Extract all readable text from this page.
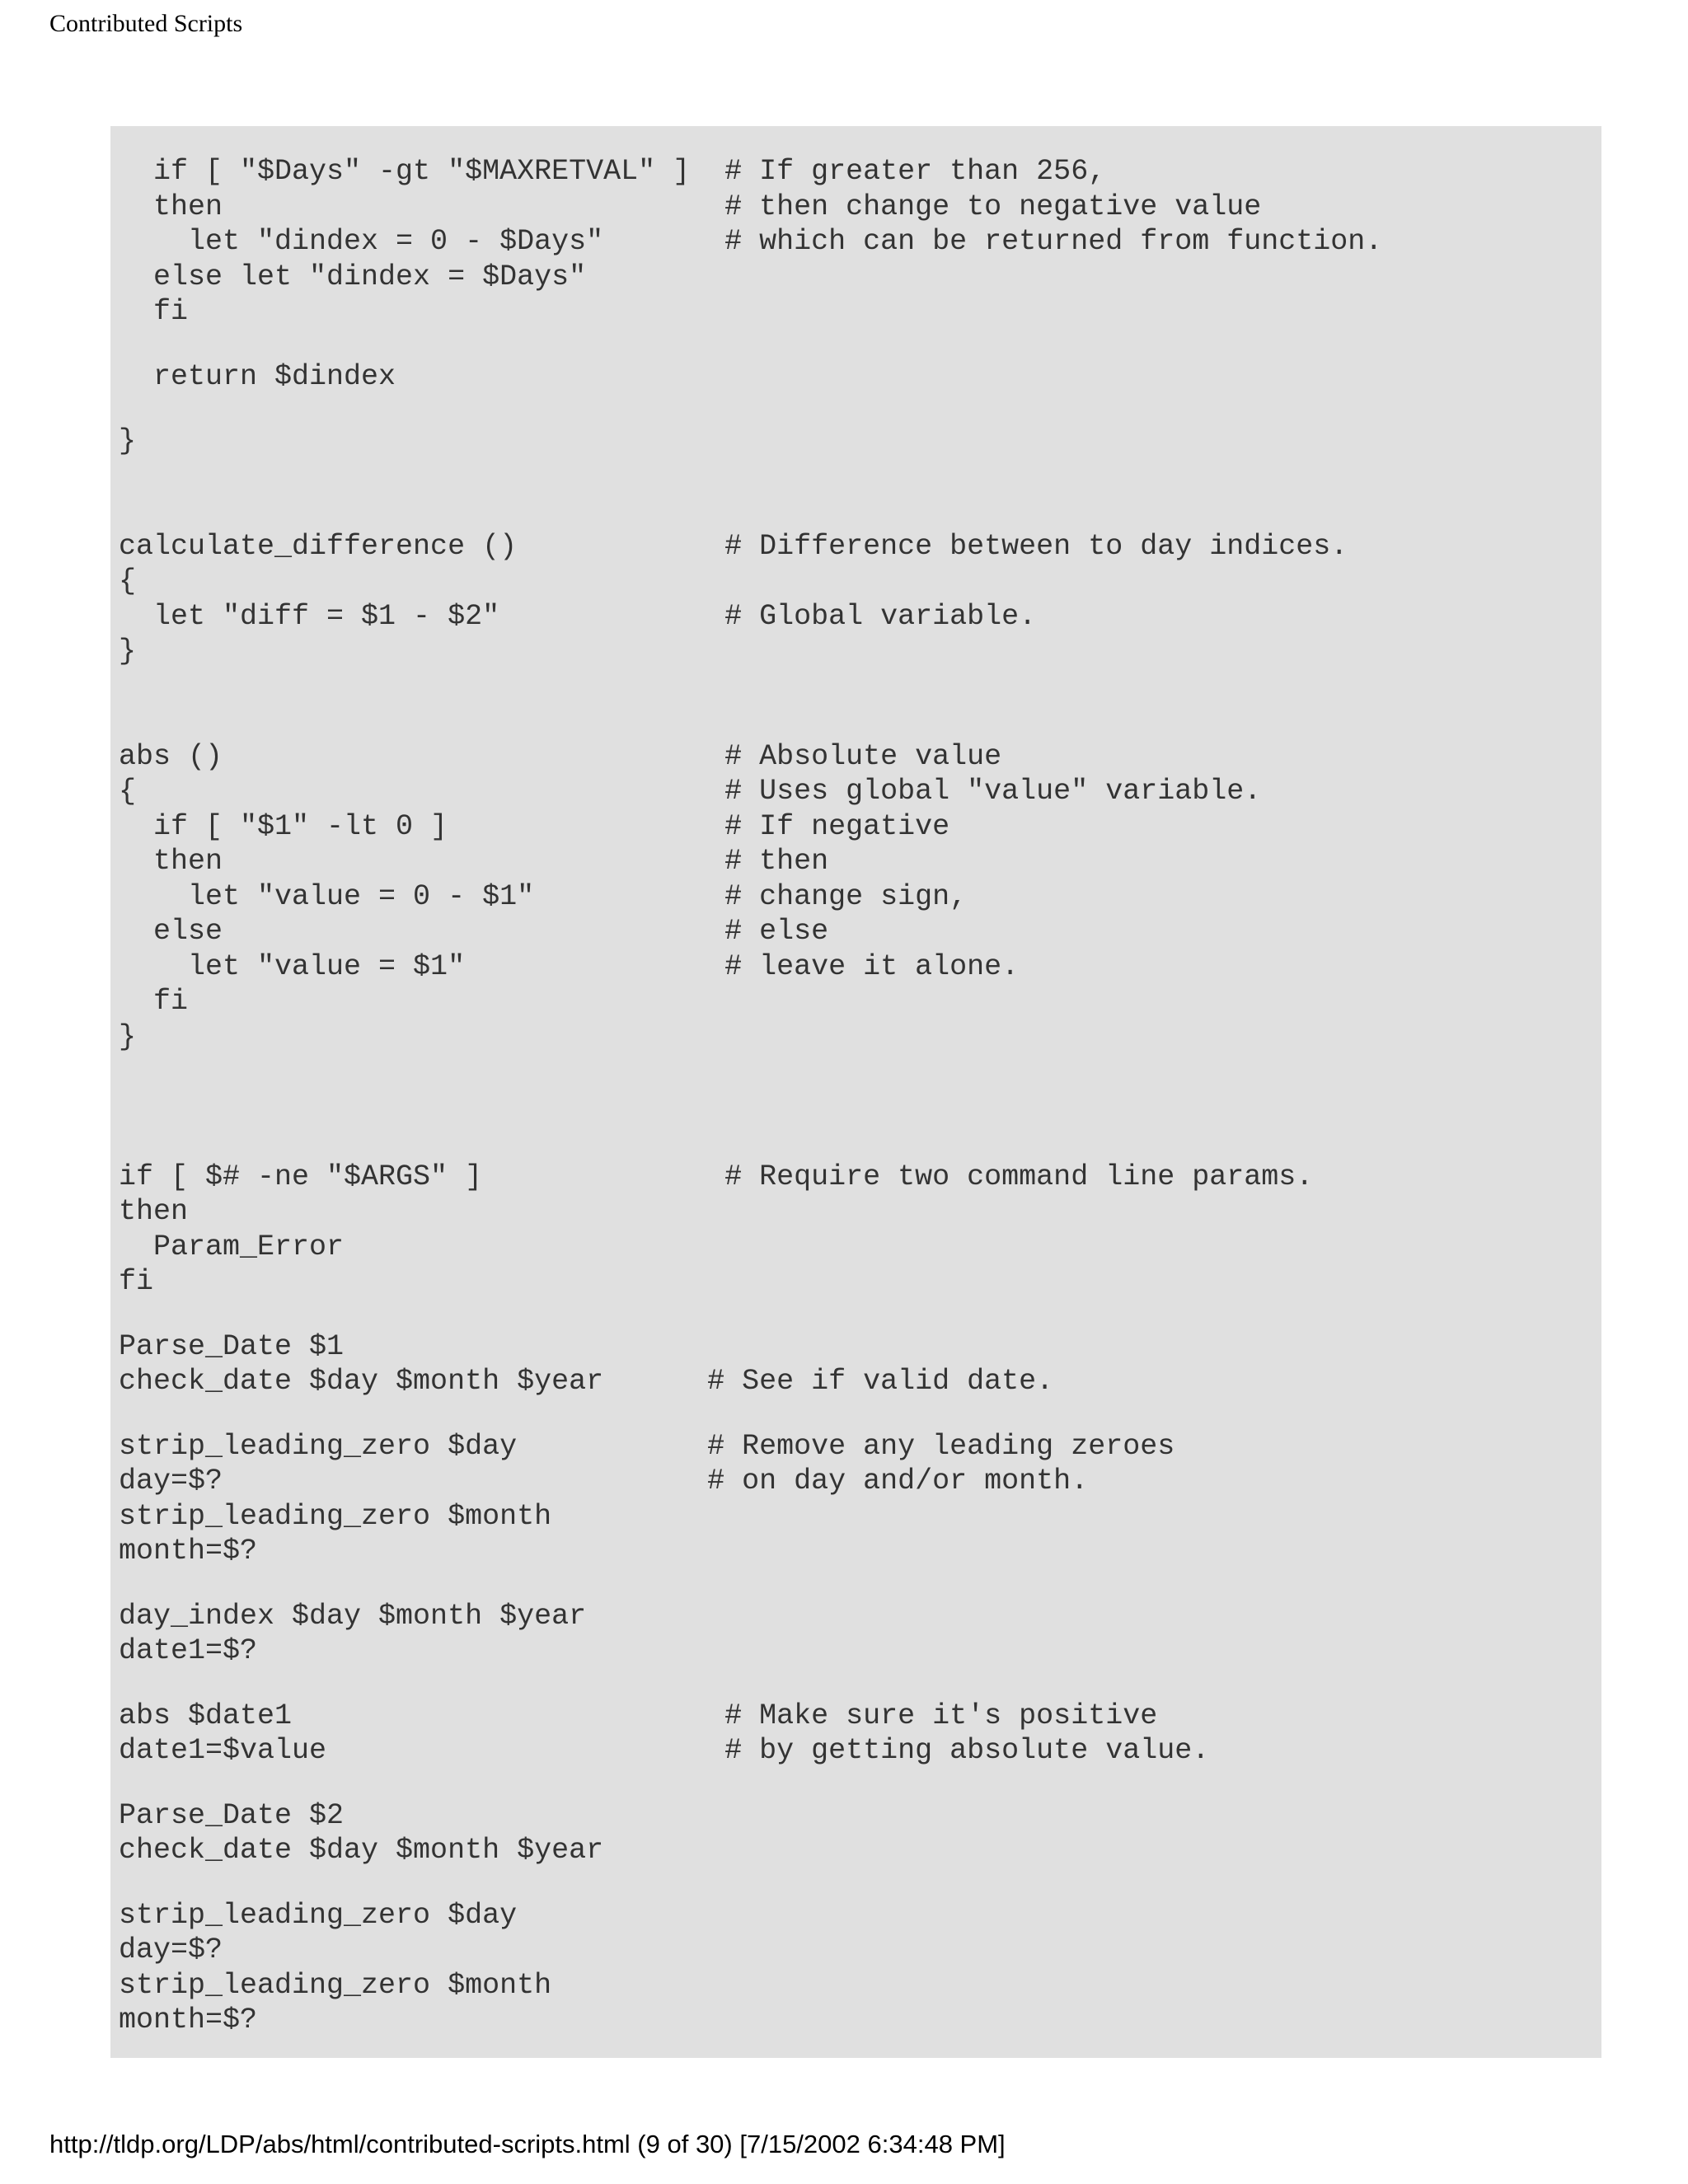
Contributed Scripts
if [ "$Days" -gt "$MAXRETVAL" ]  # If greater than 256,
then                             # then change to negative value
let "dindex = 0 - $Days"       # which can be returned from function.
else let "dindex = $Days"
fi
return $dindex
}
calculate_difference ()            # Difference between to day indices.
{
let "diff = $1 - $2"             # Global variable.
}
abs ()                             # Absolute value
{                                  # Uses global "value" variable.
if [ "$1" -lt 0 ]                # If negative
then                             # then
let "value = 0 - $1"           # change sign,
else                             # else
let "value = $1"               # leave it alone.
fi
}
if [ $# -ne "$ARGS" ]              # Require two command line params.
then
Param_Error
fi
Parse_Date $1
check_date $day $month $year      # See if valid date.
strip_leading_zero $day           # Remove any leading zeroes
day=$?                            # on day and/or month.
strip_leading_zero $month
month=$?
day_index $day $month $year
date1=$?
abs $date1                         # Make sure it's positive
date1=$value                       # by getting absolute value.
Parse_Date $2
check_date $day $month $year
strip_leading_zero $day
day=$?
strip_leading_zero $month
month=$?
http://tldp.org/LDP/abs/html/contributed-scripts.html (9 of 30) [7/15/2002 6:34:48 PM]
